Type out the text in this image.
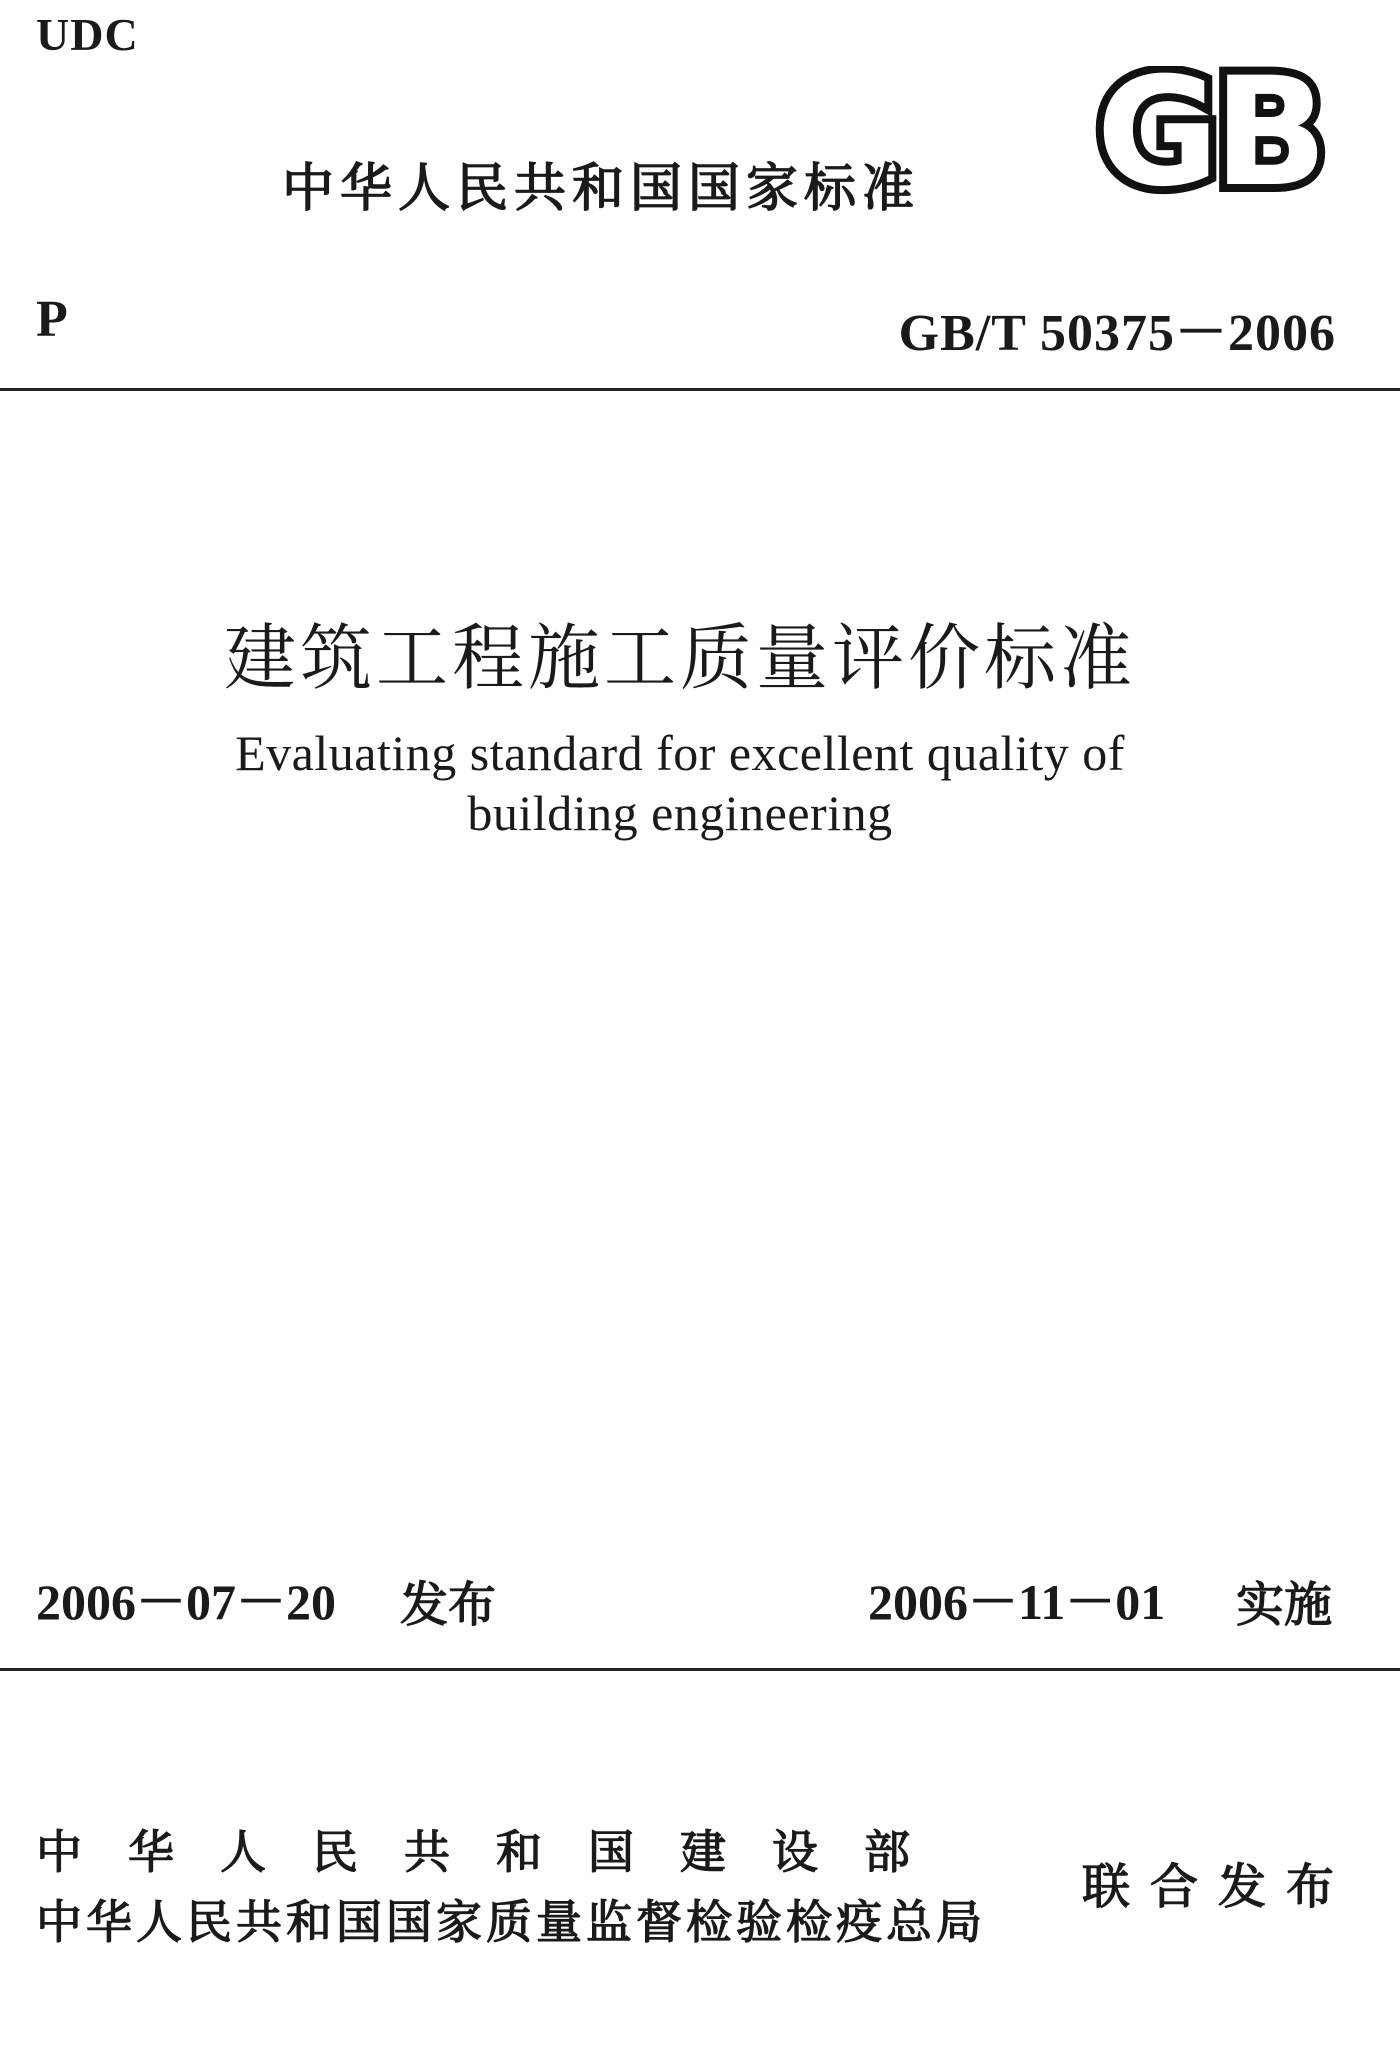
UDC
中华人民共和国国家标准 GB
P	GB/T 50375－2006
建筑工程施工质量评价标准
Evaluating standard for excellent quality of
building engineering
2006－07－20 发布	2006－11－01 实施
中华人民共和国建设部
中华人民共和国国家质量监督检验检疫总局
联合发布
